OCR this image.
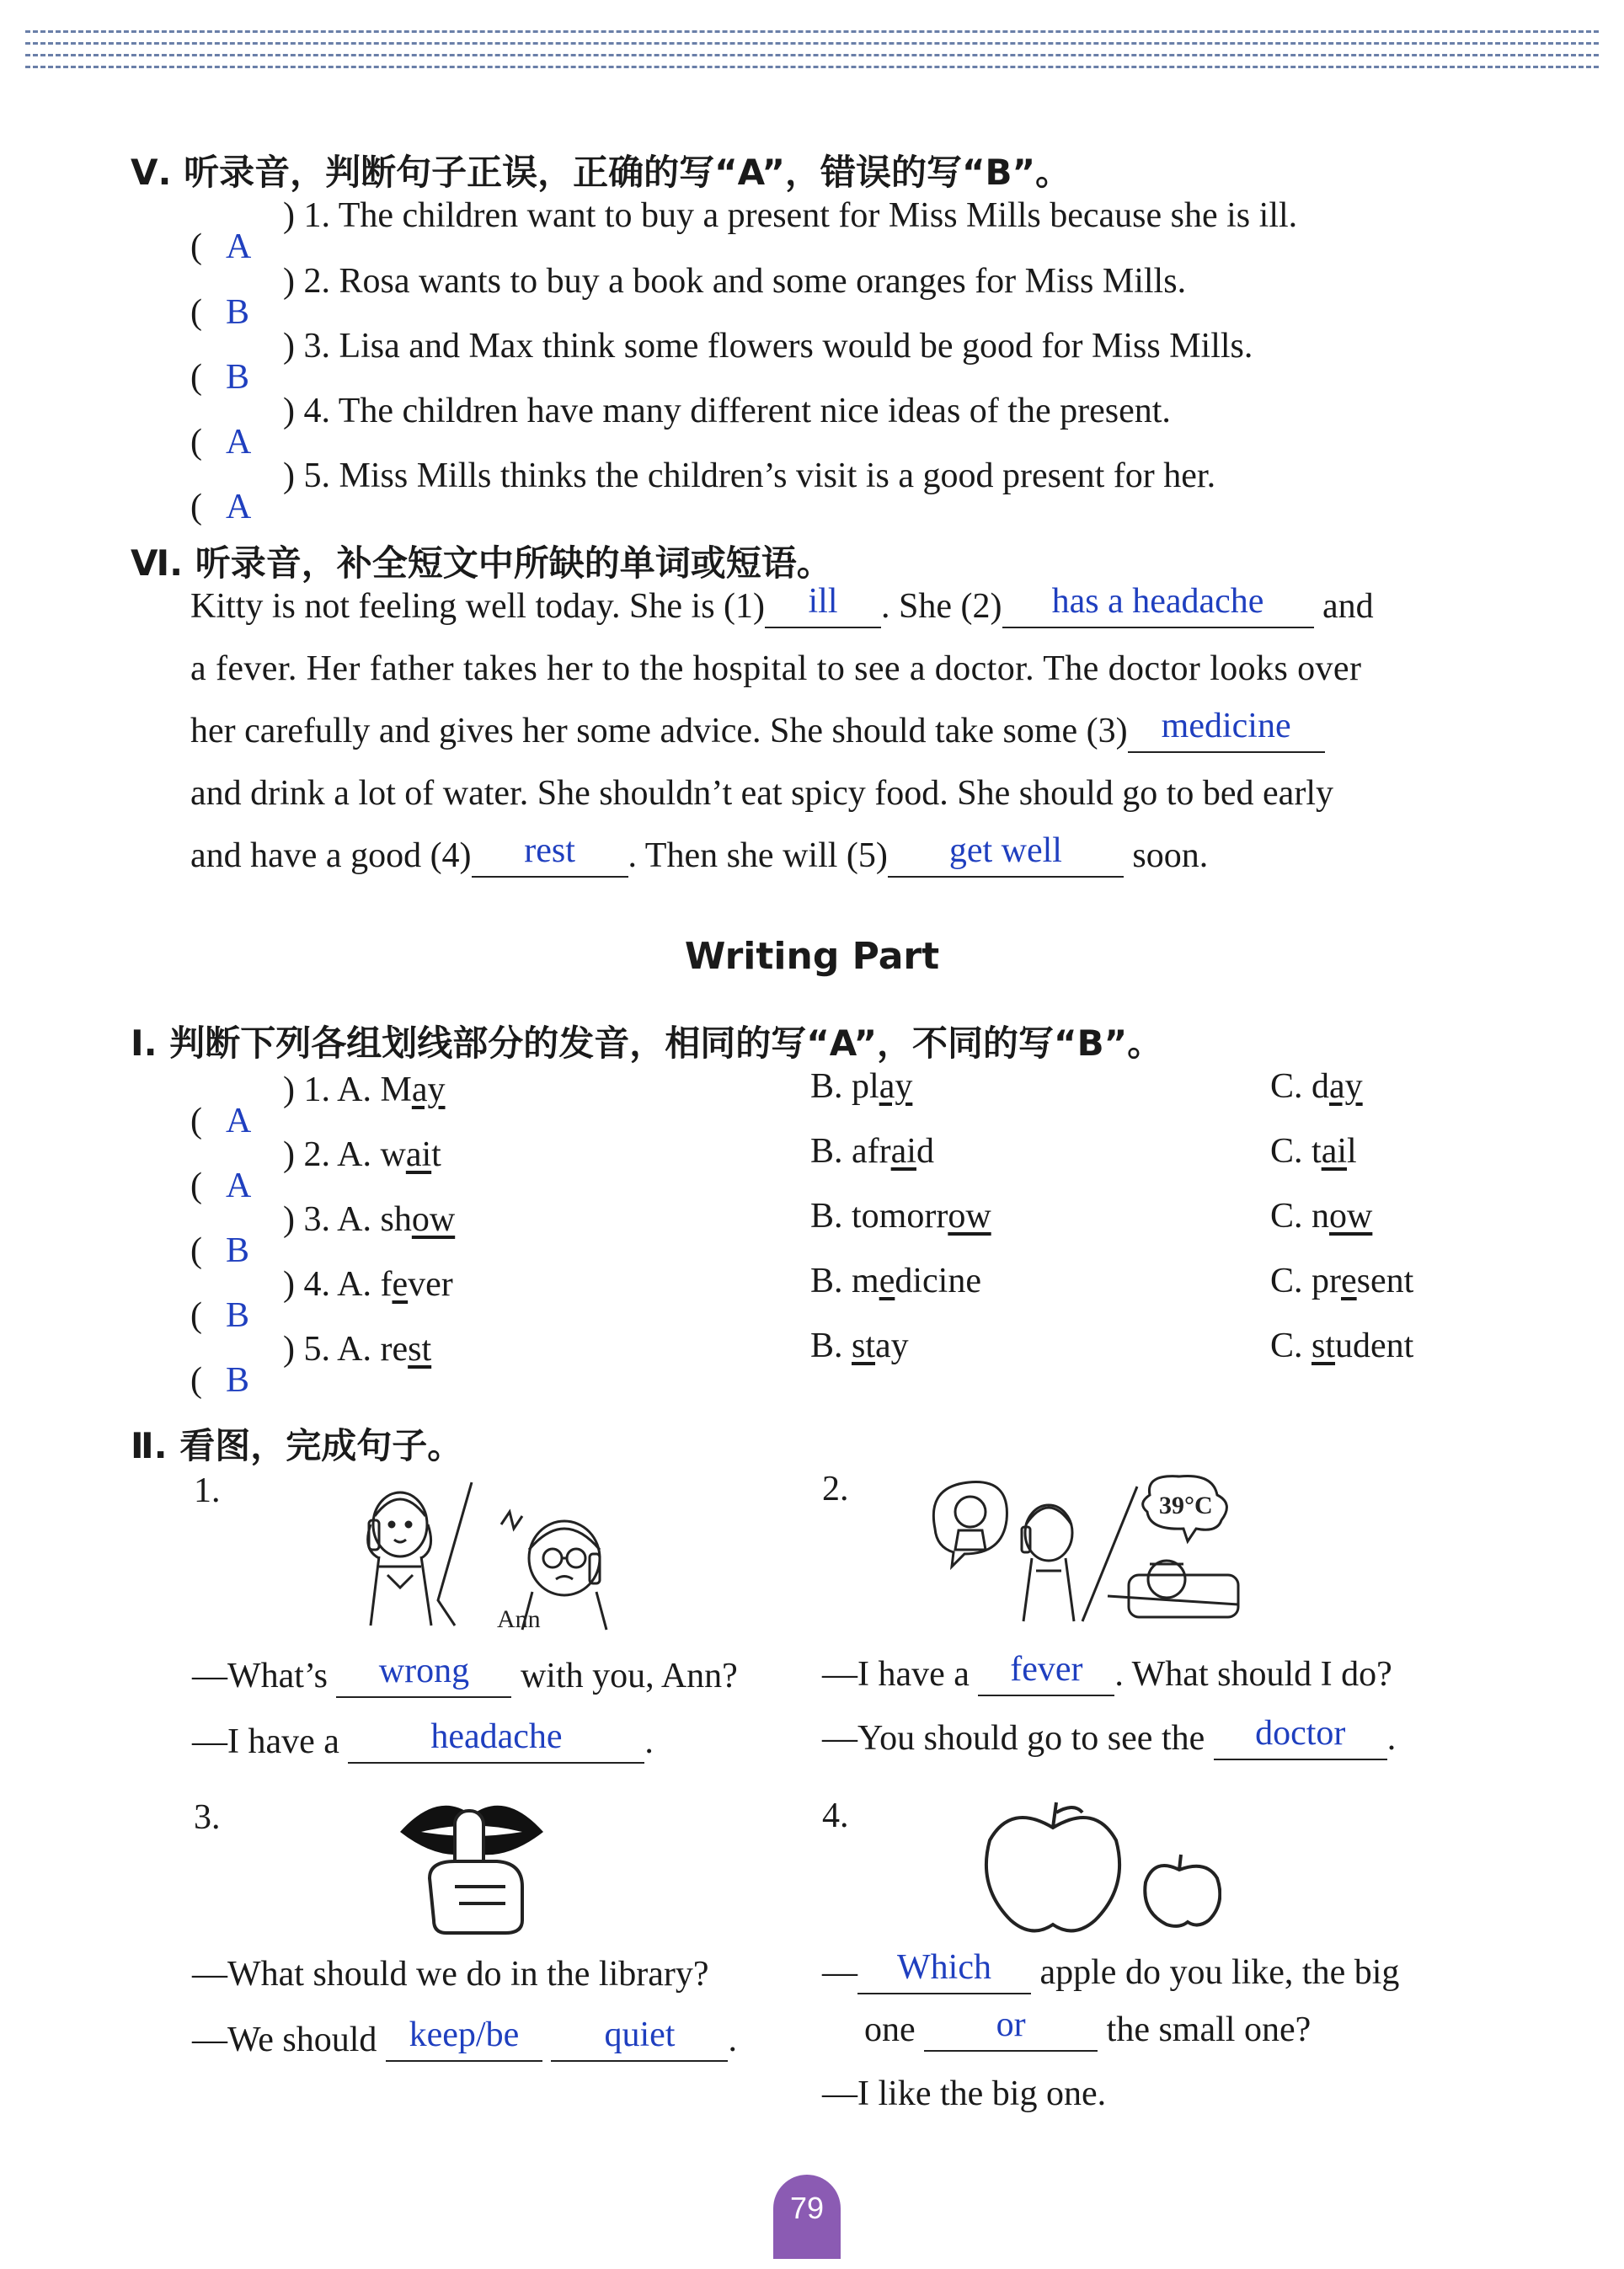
Ⅴ. 听录音，判断句子正误，正确的写“A”，错误的写“B”。
( A
) 1. The children want to buy a present for Miss Mills because she is ill.
( B
) 2. Rosa wants to buy a book and some oranges for Miss Mills.
( B
) 3. Lisa and Max think some flowers would be good for Miss Mills.
( A
) 4. The children have many different nice ideas of the present.
( A
) 5. Miss Mills thinks the children’s visit is a good present for her.
Ⅵ. 听录音，补全短文中所缺的单词或短语。
Kitty is not feeling well today. She is (1)	ill	. She (2)	has a headache	and
a fever. Her father takes her to the hospital to see a doctor. The doctor looks over
her carefully and gives her some advice. She should take some (3) medicine

and drink a lot of water. She shouldn’t eat spicy food. She should go to bed early
and have a good (4)	rest	. Then she will (5)	get well	soon.
Writing Part
Ⅰ. 判断下列各组划线部分的发音，相同的写“A”，不同的写“B”。
( A
) 1. A. May	B. play	C. day
( A
) 2. A. wait	B. afraid	C. tail
( B
) 3. A. show	B. tomorrow	C. now
( B
) 4. A. fever	B. medicine	C. present
( B
) 5. A. rest	B. stay	C. student
Ⅱ. 看图，完成句子。
1.
Ann
—What’s	wrong	with you, Ann?
—I have a	headache	.
2.	39°C
—I have a	fever . What should I do?
—You should go to see the	doctor	.
3.
—What should we do in the library?
—We should keep/be
	quiet	.
4.
—	Which	apple do you like, the big
one	or	the small one?
—I like the big one.
79
